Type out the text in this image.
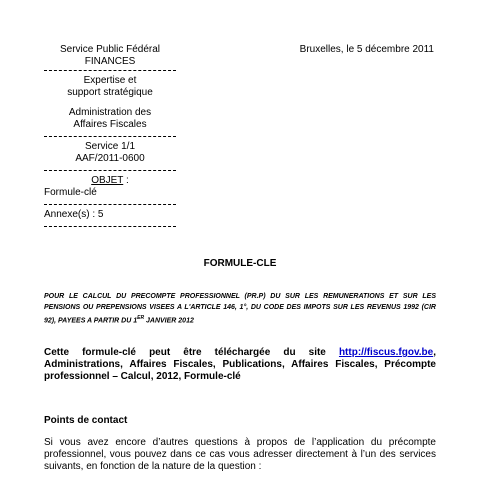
Service Public Fédéral

FINANCES

Expertise et

support stratégique

Administration des

Affaires Fiscales

Service 1/1

AAF/2011-0600

OBJET :

Formule-clé

Annexe(s) : 5

Bruxelles, le 5 décembre 2011
FORMULE-CLE
POUR LE CALCUL DU PRECOMPTE PROFESSIONNEL (PR.P) DU SUR LES REMUNERATIONS ET SUR LES PENSIONS OU PREPENSIONS VISEES A L'ARTICLE 146, 1°, DU CODE DES IMPOTS SUR LES REVENUS 1992 (CIR 92), PAYEES A PARTIR DU 1ER JANVIER 2012
Cette formule-clé peut être téléchargée du site http://fiscus.fgov.be, Administrations, Affaires Fiscales, Publications, Affaires Fiscales, Précompte professionnel – Calcul, 2012, Formule-clé
Points de contact
Si vous avez encore d’autres questions à propos de l’application du précompte professionnel, vous pouvez dans ce cas vous adresser directement à l’un des services suivants, en fonction de la nature de la question :
